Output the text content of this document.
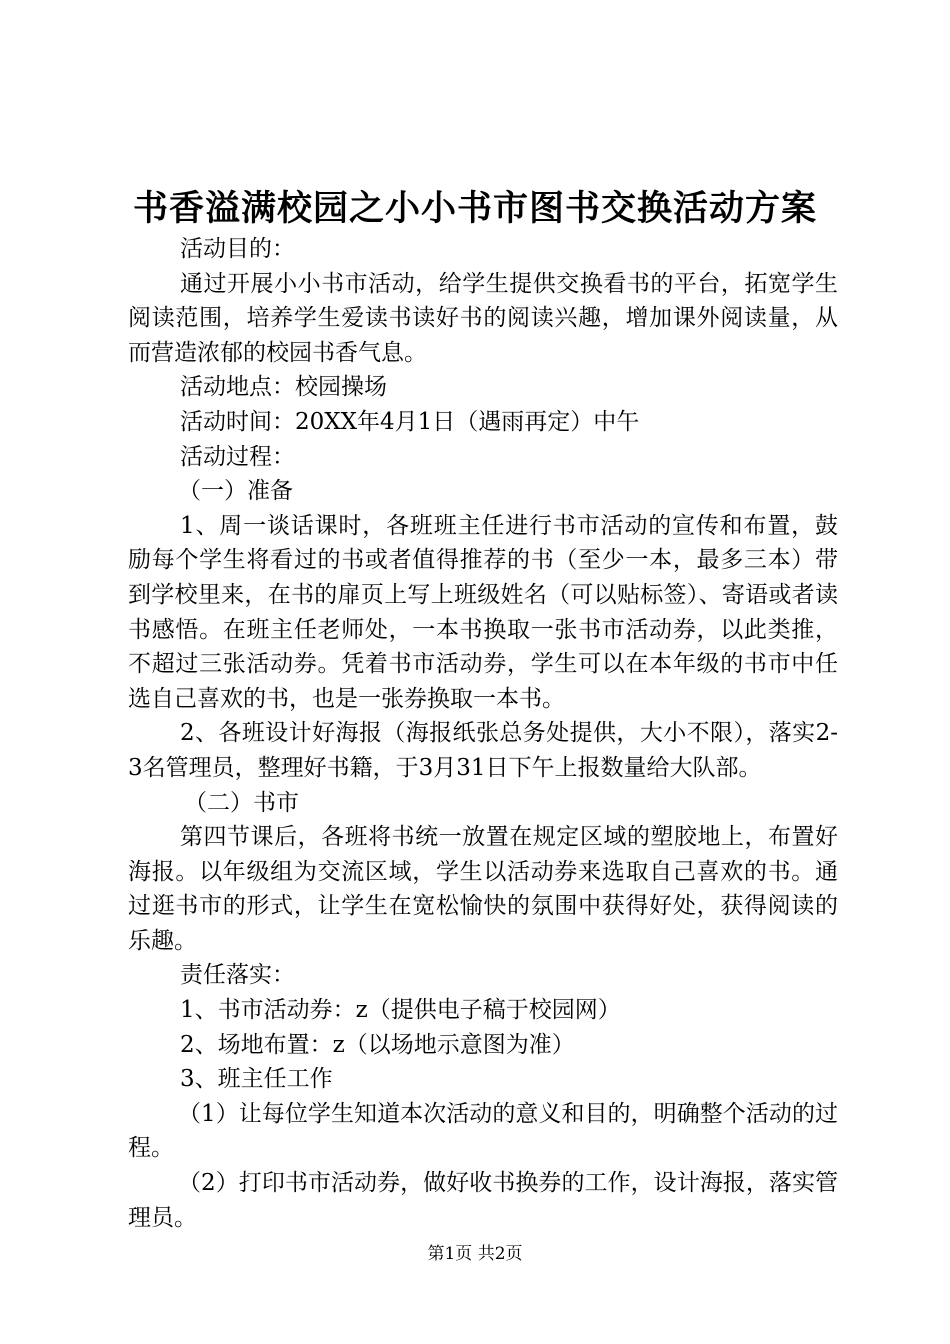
书香溢满校园之小小书市图书交换活动方案

活动目的：

通过开展小小书市活动，给学生提供交换看书的平台，拓宽学生阅读范围，培养学生爱读书读好书的阅读兴趣，增加课外阅读量，从而营造浓郁的校园书香气息。

活动地点：校园操场

活动时间：20XX年4月1日（遇雨再定）中午

活动过程：

（一）准备

1、周一谈话课时，各班班主任进行书市活动的宣传和布置，鼓励每个学生将看过的书或者值得推荐的书（至少一本，最多三本）带到学校里来，在书的扉页上写上班级姓名（可以贴标签）、寄语或者读书感悟。在班主任老师处，一本书换取一张书市活动券，以此类推，不超过三张活动券。凭着书市活动券，学生可以在本年级的书市中任选自己喜欢的书，也是一张券换取一本书。

2、各班设计好海报（海报纸张总务处提供，大小不限），落实2-3名管理员，整理好书籍，于3月31日下午上报数量给大队部。

（二）书市

第四节课后，各班将书统一放置在规定区域的塑胶地上，布置好海报。以年级组为交流区域，学生以活动券来选取自己喜欢的书。通过逛书市的形式，让学生在宽松愉快的氛围中获得好处，获得阅读的乐趣。

责任落实：

1、书市活动券：z（提供电子稿于校园网）

2、场地布置：z（以场地示意图为准）

3、班主任工作

（1）让每位学生知道本次活动的意义和目的，明确整个活动的过程。

（2）打印书市活动券，做好收书换券的工作，设计海报，落实管理员。

第1页 共2页
